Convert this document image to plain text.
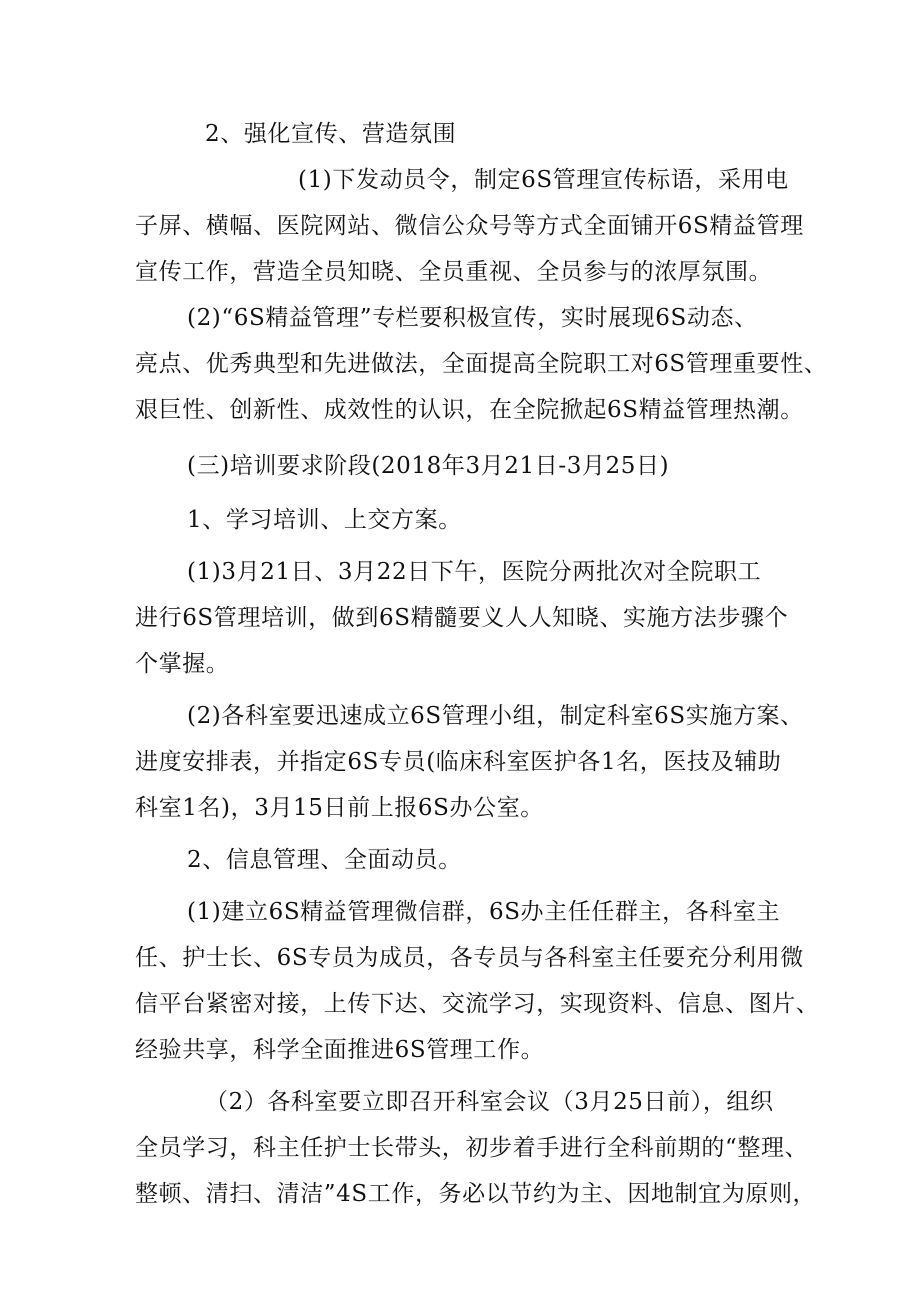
2、强化宣传、营造氛围
(1)下发动员令，制定6S管理宣传标语，采用电
子屏、横幅、医院网站、微信公众号等方式全面铺开6S精益管理
宣传工作，营造全员知晓、全员重视、全员参与的浓厚氛围。
(2)“6S精益管理”专栏要积极宣传，实时展现6S动态、
亮点、优秀典型和先进做法，全面提高全院职工对6S管理重要性、
艰巨性、创新性、成效性的认识，在全院掀起6S精益管理热潮。
(三)培训要求阶段(2018年3月21日-3月25日)
1、学习培训、上交方案。
(1)3月21日、3月22日下午，医院分两批次对全院职工
进行6S管理培训，做到6S精髓要义人人知晓、实施方法步骤个
个掌握。
(2)各科室要迅速成立6S管理小组，制定科室6S实施方案、
进度安排表，并指定6S专员(临床科室医护各1名，医技及辅助
科室1名)，3月15日前上报6S办公室。
2、信息管理、全面动员。
(1)建立6S精益管理微信群，6S办主任任群主，各科室主
任、护士长、6S专员为成员，各专员与各科室主任要充分利用微
信平台紧密对接，上传下达、交流学习，实现资料、信息、图片、
经验共享，科学全面推进6S管理工作。
（2）各科室要立即召开科室会议（3月25日前），组织
全员学习，科主任护士长带头，初步着手进行全科前期的“整理、
整顿、清扫、清洁”4S工作，务必以节约为主、因地制宜为原则，
